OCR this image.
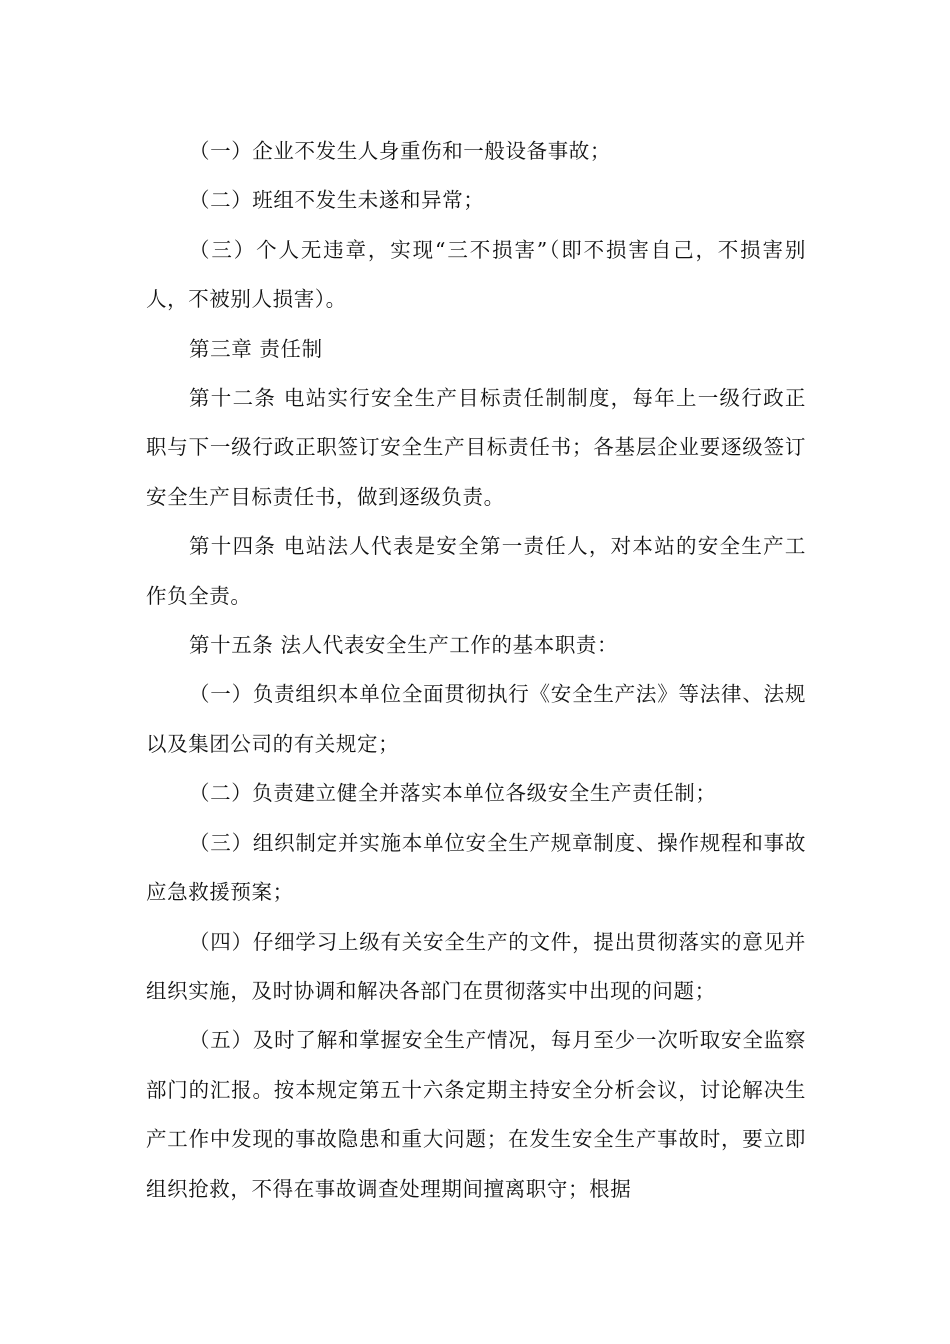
（一）企业不发生人身重伤和一般设备事故；

（二）班组不发生未遂和异常；

（三）个人无违章，实现“三不损害”（即不损害自己，不损害别人，不被别人损害）。

第三章 责任制

第十二条 电站实行安全生产目标责任制制度，每年上一级行政正职与下一级行政正职签订安全生产目标责任书；各基层企业要逐级签订安全生产目标责任书，做到逐级负责。

第十四条 电站法人代表是安全第一责任人，对本站的安全生产工作负全责。

第十五条 法人代表安全生产工作的基本职责：

（一）负责组织本单位全面贯彻执行《安全生产法》等法律、法规以及集团公司的有关规定；

（二）负责建立健全并落实本单位各级安全生产责任制；

（三）组织制定并实施本单位安全生产规章制度、操作规程和事故应急救援预案；

（四）仔细学习上级有关安全生产的文件，提出贯彻落实的意见并组织实施，及时协调和解决各部门在贯彻落实中出现的问题；

（五）及时了解和掌握安全生产情况，每月至少一次听取安全监察部门的汇报。按本规定第五十六条定期主持安全分析会议，讨论解决生产工作中发现的事故隐患和重大问题；在发生安全生产事故时，要立即组织抢救，不得在事故调查处理期间擅离职守；根据
